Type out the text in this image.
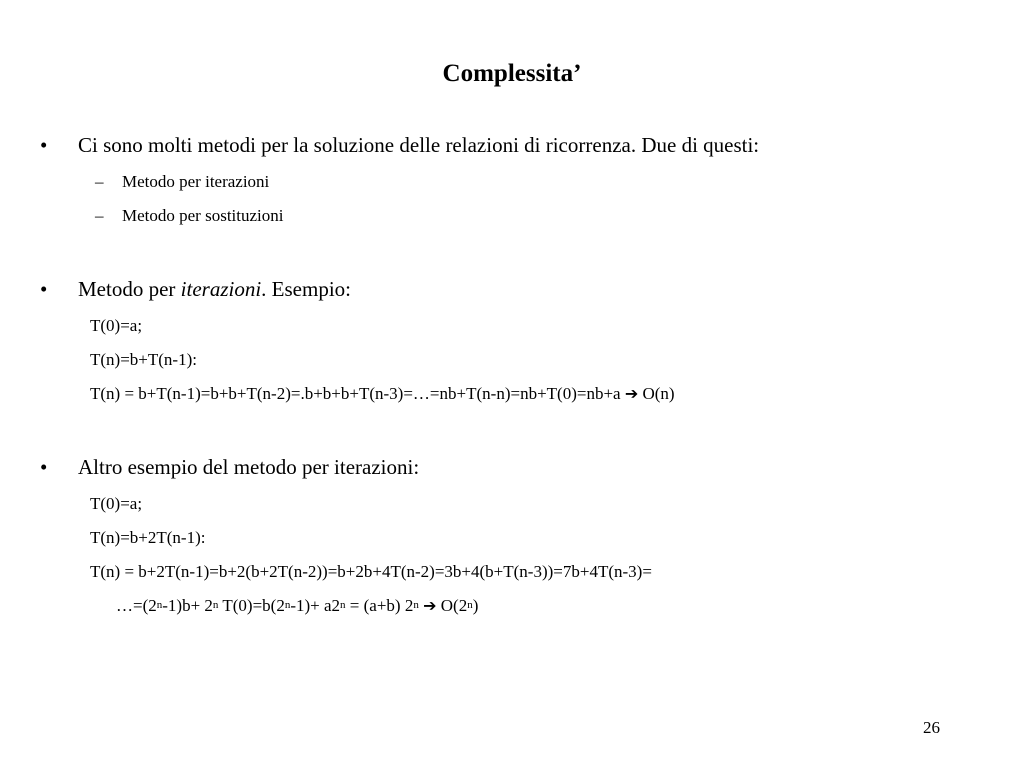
Complessita’
• Ci sono molti metodi per la soluzione delle relazioni di ricorrenza. Due di questi:
– Metodo per iterazioni
– Metodo per sostituzioni
• Metodo per iterazioni. Esempio:
T(0)=a;
T(n)=b+T(n-1):
T(n) = b+T(n-1)=b+b+T(n-2)=.b+b+b+T(n-3)=…=nb+T(n-n)=nb+T(0)=nb+a ➔ O(n)
• Altro esempio del metodo per iterazioni:
T(0)=a;
T(n)=b+2T(n-1):
T(n) = b+2T(n-1)=b+2(b+2T(n-2))=b+2b+4T(n-2)=3b+4(b+T(n-3))=7b+4T(n-3)=
$\dots=(2^n-1)b+ 2^n$ $T(0)=b(2^n-1)+ a2^n = (a+b)$ 2$^n$ ➔ O(2$^n$)
26
